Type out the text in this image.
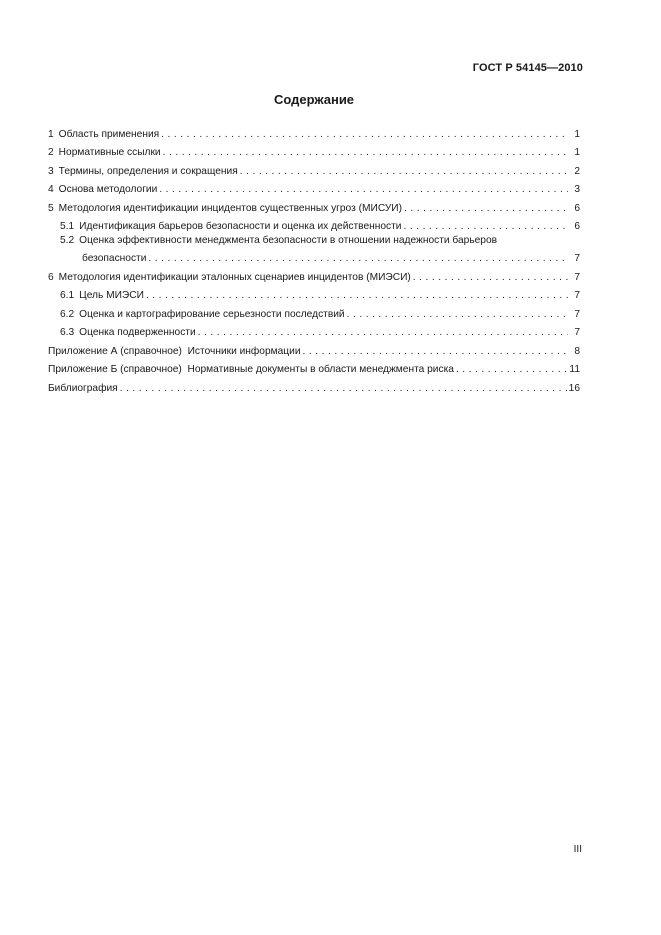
ГОСТ Р 54145—2010
Содержание
1 Область применения . . .	1
2 Нормативные ссылки . . .	1
3 Термины, определения и сокращения . . .	2
4 Основа методологии . . .	3
5 Методология идентификации инцидентов существенных угроз (МИСУИ) . . .	6
5.1 Идентификация барьеров безопасности и оценка их действенности . . .	6
5.2 Оценка эффективности менеджмента безопасности в отношении надежности барьеров
безопасности . . .	7
6 Методология идентификации эталонных сценариев инцидентов (МИЭСИ) . . .	7
6.1 Цель МИЭСИ . . .	7
6.2 Оценка и картографирование серьезности последствий . . .	7
6.3 Оценка подверженности . . .	7
Приложение А (справочное)  Источники информации . . .	8
Приложение Б (справочное)  Нормативные документы в области менеджмента риска . . .	11
Библиография . . .	16
III
